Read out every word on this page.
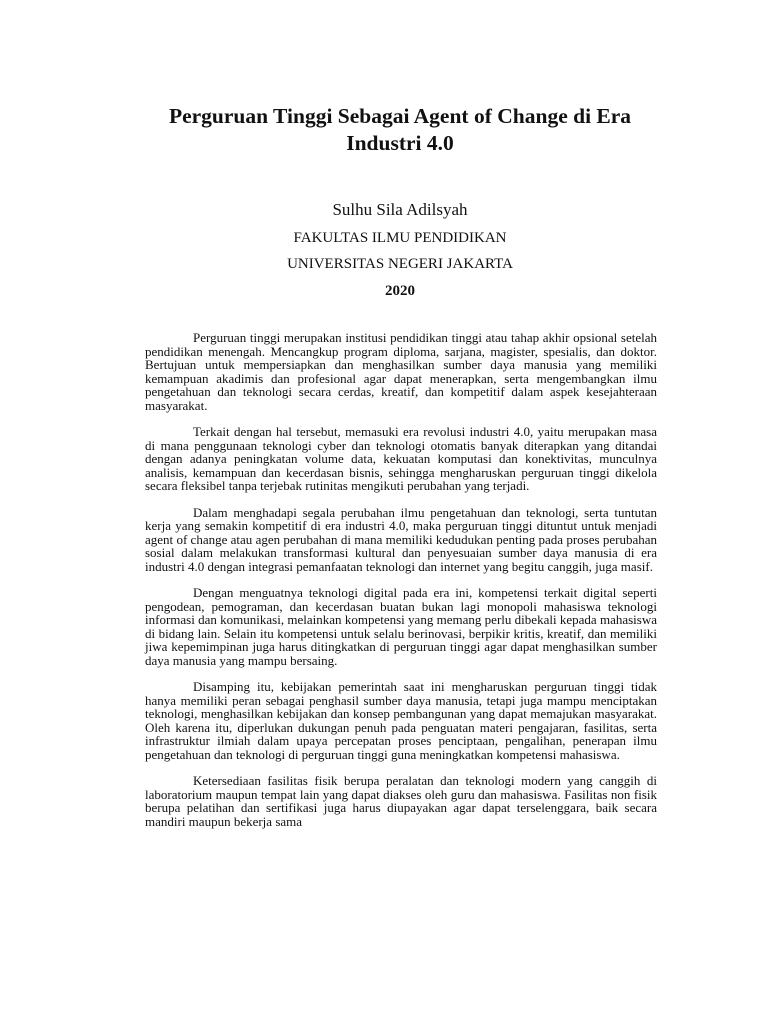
Perguruan Tinggi Sebagai Agent of Change di Era
Industri 4.0
Sulhu Sila Adilsyah
FAKULTAS ILMU PENDIDIKAN
UNIVERSITAS NEGERI JAKARTA
2020

Perguruan tinggi merupakan institusi pendidikan tinggi atau tahap akhir opsional setelah pendidikan menengah. Mencangkup program diploma, sarjana, magister, spesialis, dan doktor. Bertujuan untuk mempersiapkan dan menghasilkan sumber daya manusia yang memiliki kemampuan akadimis dan profesional agar dapat menerapkan, serta mengembangkan ilmu pengetahuan dan teknologi secara cerdas, kreatif, dan kompetitif dalam aspek kesejahteraan masyarakat.

Terkait dengan hal tersebut, memasuki era revolusi industri 4.0, yaitu merupakan masa di mana penggunaan teknologi cyber dan teknologi otomatis banyak diterapkan yang ditandai dengan adanya peningkatan volume data, kekuatan komputasi dan konektivitas, munculnya analisis, kemampuan dan kecerdasan bisnis, sehingga mengharuskan perguruan tinggi dikelola secara fleksibel tanpa terjebak rutinitas mengikuti perubahan yang terjadi.

Dalam menghadapi segala perubahan ilmu pengetahuan dan teknologi, serta tuntutan kerja yang semakin kompetitif di era industri 4.0, maka perguruan tinggi dituntut untuk menjadi agent of change atau agen perubahan di mana memiliki kedudukan penting pada proses perubahan sosial dalam melakukan transformasi kultural dan penyesuaian sumber daya manusia di era industri 4.0 dengan integrasi pemanfaatan teknologi dan internet yang begitu canggih, juga masif.

Dengan menguatnya teknologi digital pada era ini, kompetensi terkait digital seperti pengodean, pemograman, dan kecerdasan buatan bukan lagi monopoli mahasiswa teknologi informasi dan komunikasi, melainkan kompetensi yang memang perlu dibekali kepada mahasiswa di bidang lain. Selain itu kompetensi untuk selalu berinovasi, berpikir kritis, kreatif, dan memiliki jiwa kepemimpinan juga harus ditingkatkan di perguruan tinggi agar dapat menghasilkan sumber daya manusia yang mampu bersaing.

Disamping itu, kebijakan pemerintah saat ini mengharuskan perguruan tinggi tidak hanya memiliki peran sebagai penghasil sumber daya manusia, tetapi juga mampu menciptakan teknologi, menghasilkan kebijakan dan konsep pembangunan yang dapat memajukan masyarakat. Oleh karena itu, diperlukan dukungan penuh pada penguatan materi pengajaran, fasilitas, serta infrastruktur ilmiah dalam upaya percepatan proses penciptaan, pengalihan, penerapan ilmu pengetahuan dan teknologi di perguruan tinggi guna meningkatkan kompetensi mahasiswa.

Ketersediaan fasilitas fisik berupa peralatan dan teknologi modern yang canggih di laboratorium maupun tempat lain yang dapat diakses oleh guru dan mahasiswa. Fasilitas non fisik berupa pelatihan dan sertifikasi juga harus diupayakan agar dapat terselenggara, baik secara mandiri maupun bekerja sama
